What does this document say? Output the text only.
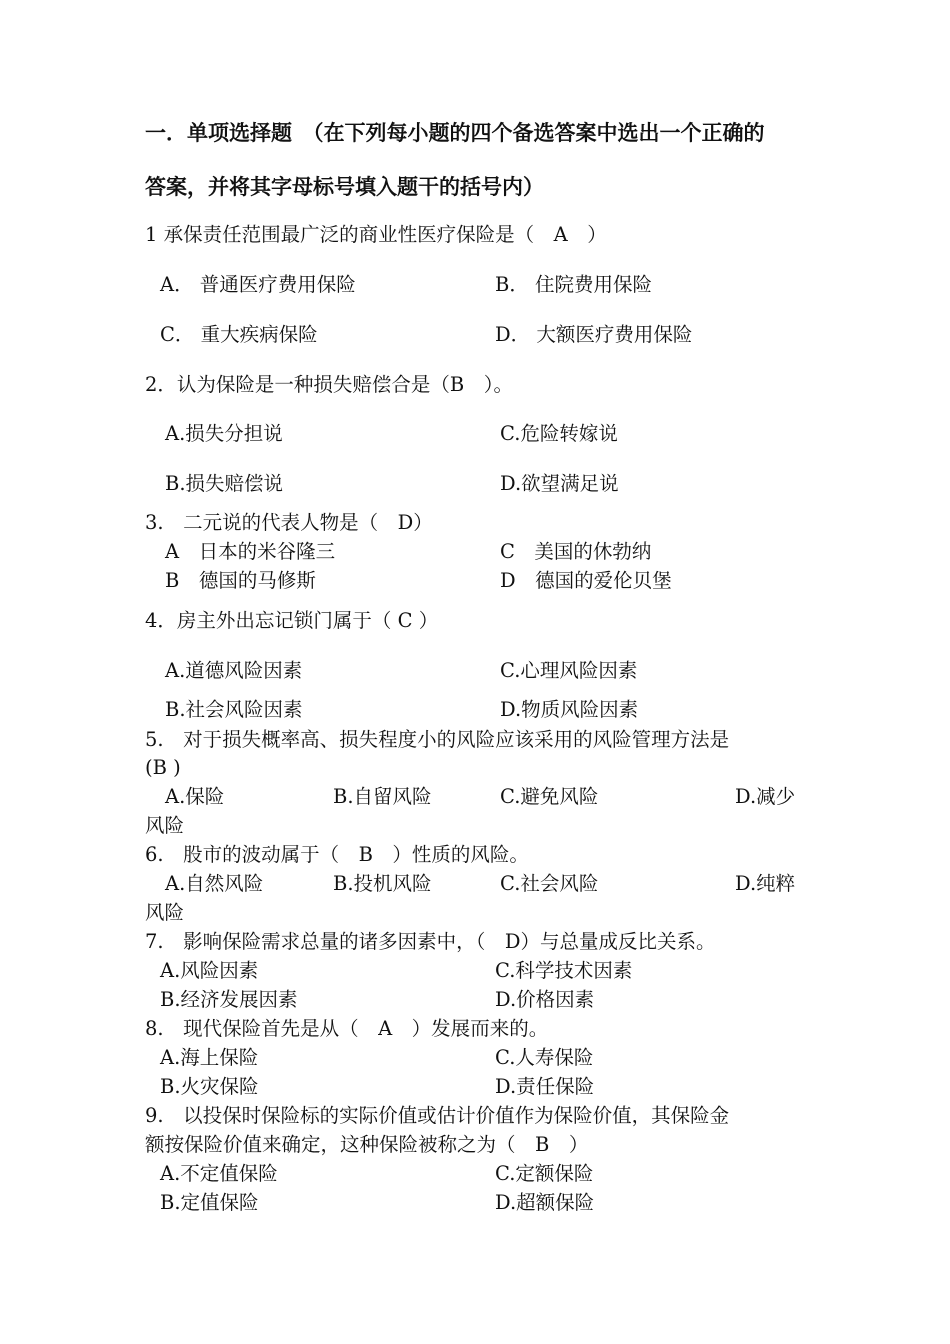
一．单项选择题　（在下列每小题的四个备选答案中选出一个正确的
答案，并将其字母标号填入题干的括号内）
1 承保责任范围最广泛的商业性医疗保险是（　A　）
A． 普通医疗费用保险	B． 住院费用保险
C． 重大疾病保险	D． 大额医疗费用保险
2．认为保险是一种损失赔偿合是（B　）。
A.损失分担说	C.危险转嫁说
B.损失赔偿说	D.欲望满足说
3.　二元说的代表人物是（　D）
A　日本的米谷隆三	C　美国的休勃纳
B　德国的马修斯	D　德国的爱伦贝堡
4．房主外出忘记锁门属于（ C ）
A.道德风险因素	C.心理风险因素
B.社会风险因素	D.物质风险因素
5.　对于损失概率高、损失程度小的风险应该采用的风险管理方法是
(B )
A.保险	B.自留风险	C.避免风险	D.减少
风险
6.　股市的波动属于（　B　）性质的风险。
A.自然风险	B.投机风险	C.社会风险	D.纯粹
风险
7.　影响保险需求总量的诸多因素中，（　D）与总量成反比关系。
A.风险因素	C.科学技术因素
B.经济发展因素	D.价格因素
8.　现代保险首先是从（　A　）发展而来的。
A.海上保险	C.人寿保险
B.火灾保险	D.责任保险
9.　以投保时保险标的实际价值或估计价值作为保险价值，其保险金
额按保险价值来确定，这种保险被称之为（　B　）
A.不定值保险	C.定额保险
B.定值保险	D.超额保险
